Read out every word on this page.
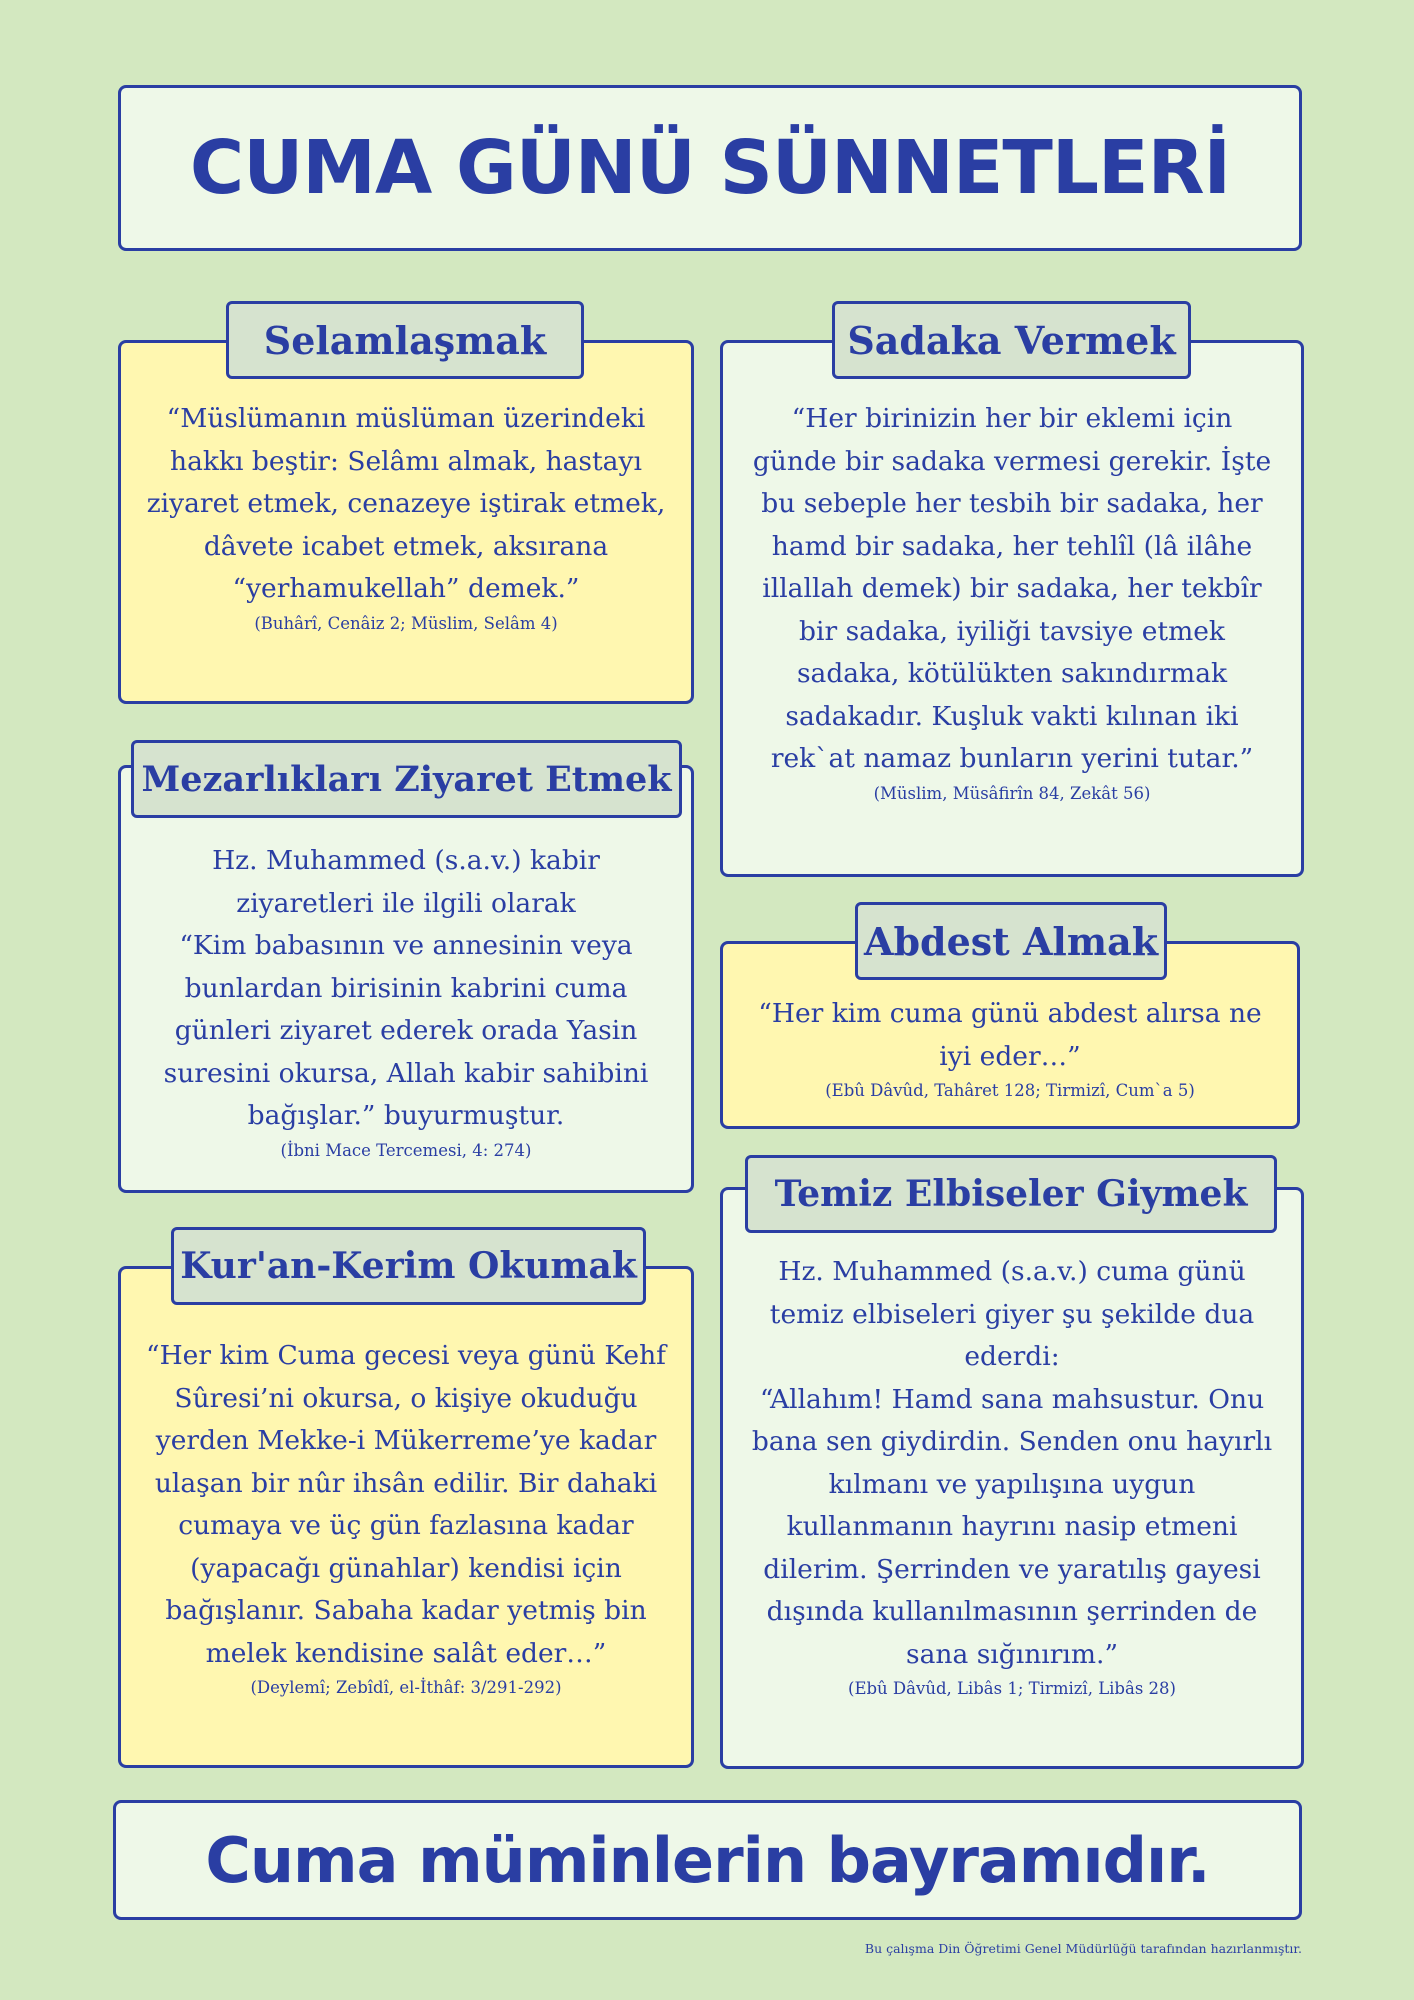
CUMA GÜNÜ SÜNNETLERİ

“Müslümanın müslüman üzerindeki hakkı beştir: Selâmı almak, hastayı ziyaret etmek, cenazeye iştirak etmek, dâvete icabet etmek, aksırana “yerhamukellah” demek.”

(Buhârî, Cenâiz 2; Müslim, Selâm 4)
Selamlaşmak

“Her birinizin her bir eklemi için günde bir sadaka vermesi gerekir. İşte bu sebeple her tesbih bir sadaka, her hamd bir sadaka, her tehlîl (lâ ilâhe illallah demek) bir sadaka, her tekbîr bir sadaka, iyiliği tavsiye etmek sadaka, kötülükten sakındırmak sadakadır. Kuşluk vakti kılınan iki rek`at namaz bunların yerini tutar.”

(Müslim, Müsâfirîn 84, Zekât 56)
Sadaka Vermek

Hz. Muhammed (s.a.v.) kabir ziyaretleri ile ilgili olarak

“Kim babasının ve annesinin veya bunlardan birisinin kabrini cuma günleri ziyaret ederek orada Yasin suresini okursa, Allah kabir sahibini bağışlar.” buyurmuştur.

(İbni Mace Tercemesi, 4: 274)
Mezarlıkları Ziyaret Etmek

“Her kim cuma günü abdest alırsa ne iyi eder…”

(Ebû Dâvûd, Tahâret 128; Tirmizî, Cum`a 5)
Abdest Almak

“Her kim Cuma gecesi veya günü Kehf Sûresi’ni okursa, o kişiye okuduğu yerden Mekke-i Mükerreme’ye kadar ulaşan bir nûr ihsân edilir. Bir dahaki cumaya ve üç gün fazlasına kadar (yapacağı günahlar) kendisi için bağışlanır. Sabaha kadar yetmiş bin melek kendisine salât eder…”

(Deylemî; Zebîdî, el-İthâf: 3/291-292)
Kur'an-Kerim Okumak	Hz. Muhammed (s.a.v.) cuma günü temiz elbiseleri giyer şu şekilde dua ederdi:

“Allahım! Hamd sana mahsustur. Onu bana sen giydirdin. Senden onu hayırlı kılmanı ve yapılışına uygun kullanmanın hayrını nasip etmeni dilerim. Şerrinden ve yaratılış gayesi dışında kullanılmasının şerrinden de sana sığınırım.”

(Ebû Dâvûd, Libâs 1; Tirmizî, Libâs 28)
Temiz Elbiseler Giymek
Cuma müminlerin bayramıdır.
Bu çalışma Din Öğretimi Genel Müdürlüğü tarafından hazırlanmıştır.
